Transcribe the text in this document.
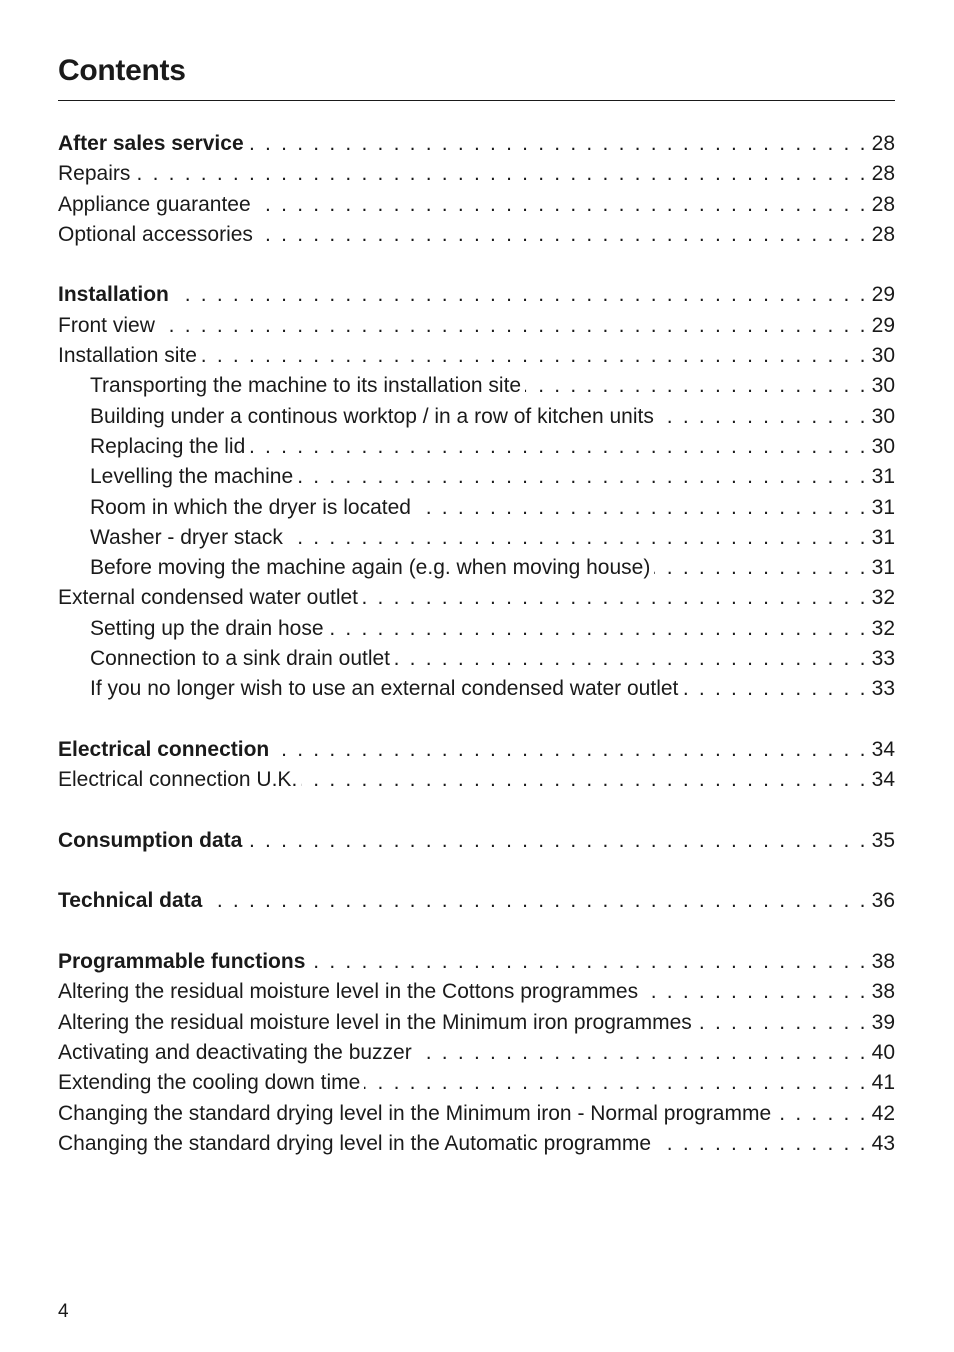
Contents
After sales service . . .	28
Repairs . . .	28
Appliance guarantee . . .	28
Optional accessories . . .	28
Installation . . .	29
Front view . . .	29
Installation site . . .	30
Transporting the machine to its installation site . . .	30
Building under a continous worktop / in a row of kitchen units . . .	30
Replacing the lid . . .	30
Levelling the machine . . .	31
Room in which the dryer is located . . .	31
Washer - dryer stack . . .	31
Before moving the machine again (e.g. when moving house) . . .	31
External condensed water outlet . . .	32
Setting up the drain hose . . .	32
Connection to a sink drain outlet . . .	33
If you no longer wish to use an external condensed water outlet . . .	33
Electrical connection . . .	34
Electrical connection U.K. . . .	34
Consumption data . . .	35
Technical data . . .	36
Programmable functions . . .	38
Altering the residual moisture level in the Cottons programmes . . .	38
Altering the residual moisture level in the Minimum iron programmes . . .	39
Activating and deactivating the buzzer . . .	40
Extending the cooling down time . . .	41
Changing the standard drying level in the Minimum iron - Normal programme . . .	42
Changing the standard drying level in the Automatic programme . . .	43
4
